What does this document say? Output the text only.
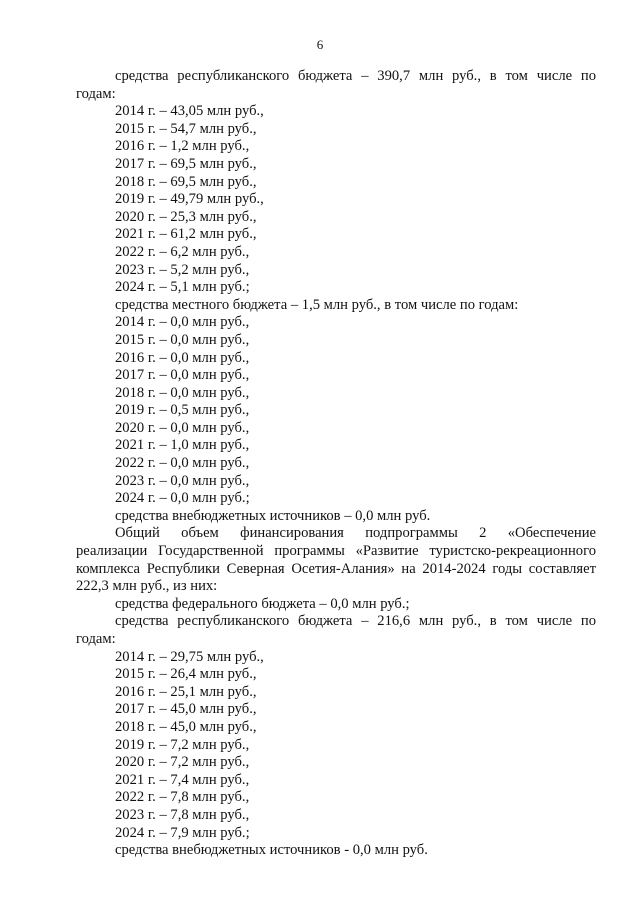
6

средства республиканского бюджета – 390,7 млн руб., в том числе по

годам:

2014 г. – 43,05 млн руб.,

2015 г. – 54,7 млн руб.,

2016 г. – 1,2 млн руб.,

2017 г. – 69,5 млн руб.,

2018 г. – 69,5 млн руб.,

2019 г. – 49,79 млн руб.,

2020 г. – 25,3 млн руб.,

2021 г. – 61,2 млн руб.,

2022 г. – 6,2 млн руб.,

2023 г. – 5,2 млн руб.,

2024 г. – 5,1 млн руб.;

средства местного бюджета – 1,5 млн руб., в том числе по годам:

2014 г. – 0,0 млн руб.,

2015 г. – 0,0 млн руб.,

2016 г. – 0,0 млн руб.,

2017 г. – 0,0 млн руб.,

2018 г. – 0,0 млн руб.,

2019 г. – 0,5 млн руб.,

2020 г. – 0,0 млн руб.,

2021 г. – 1,0 млн руб.,

2022 г. – 0,0 млн руб.,

2023 г. – 0,0 млн руб.,

2024 г. – 0,0 млн руб.;

средства внебюджетных источников – 0,0 млн руб.

Общий объем финансирования подпрограммы 2 «Обеспечение

реализации Государственной программы «Развитие туристско-рекреационного

комплекса Республики Северная Осетия-Алания» на 2014-2024 годы составляет

222,3 млн руб., из них:

средства федерального бюджета – 0,0 млн руб.;

средства республиканского бюджета – 216,6 млн руб., в том числе по

годам:

2014 г. – 29,75 млн руб.,

2015 г. – 26,4 млн руб.,

2016 г. – 25,1 млн руб.,

2017 г. – 45,0 млн руб.,

2018 г. – 45,0 млн руб.,

2019 г. – 7,2 млн руб.,

2020 г. – 7,2 млн руб.,

2021 г. – 7,4 млн руб.,

2022 г. – 7,8 млн руб.,

2023 г. – 7,8 млн руб.,

2024 г. – 7,9 млн руб.;

средства внебюджетных источников - 0,0 млн руб.
